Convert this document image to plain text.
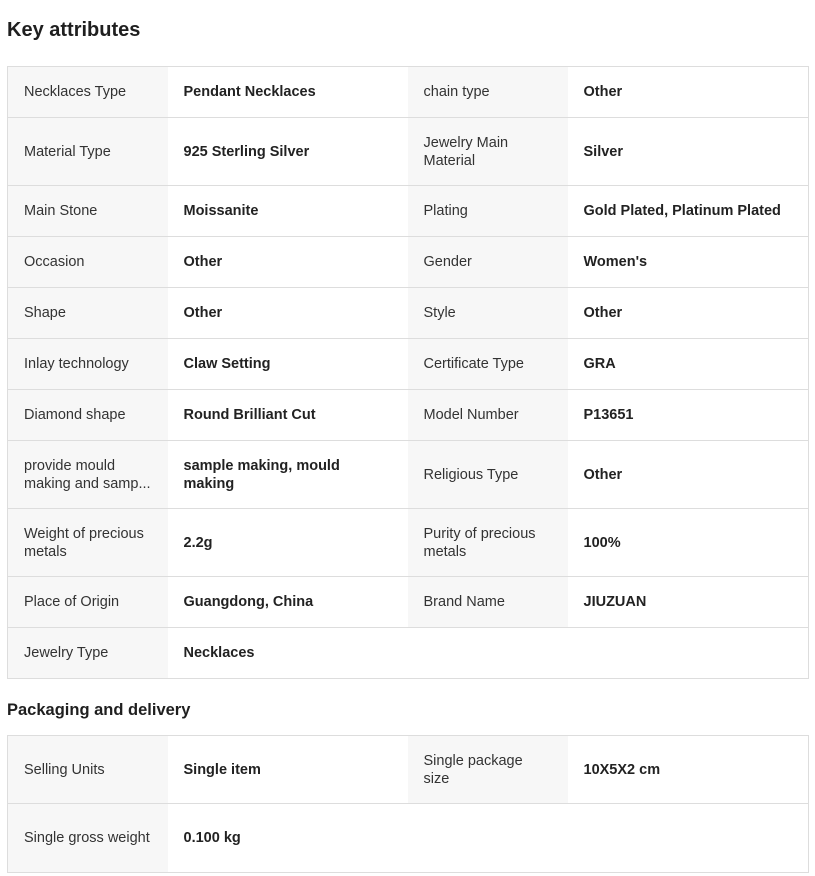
Key attributes
Necklaces Type	Pendant Necklaces	chain type	Other
Material Type	925 Sterling Silver	Jewelry Main Material	Silver
Main Stone	Moissanite	Plating	Gold Plated, Platinum Plated
Occasion	Other	Gender	Women's
Shape	Other	Style	Other
Inlay technology	Claw Setting	Certificate Type	GRA
Diamond shape	Round Brilliant Cut	Model Number	P13651

provide mould making and samp...	sample making, mould making	Religious Type	Other
Weight of precious metals	2.2g	Purity of precious metals	100%
Place of Origin	Guangdong, China	Brand Name	JIUZUAN
Jewelry Type	Necklaces		
Packaging and delivery
Selling Units	Single item	Single package size	10X5X2 cm
Single gross weight	0.100 kg		
